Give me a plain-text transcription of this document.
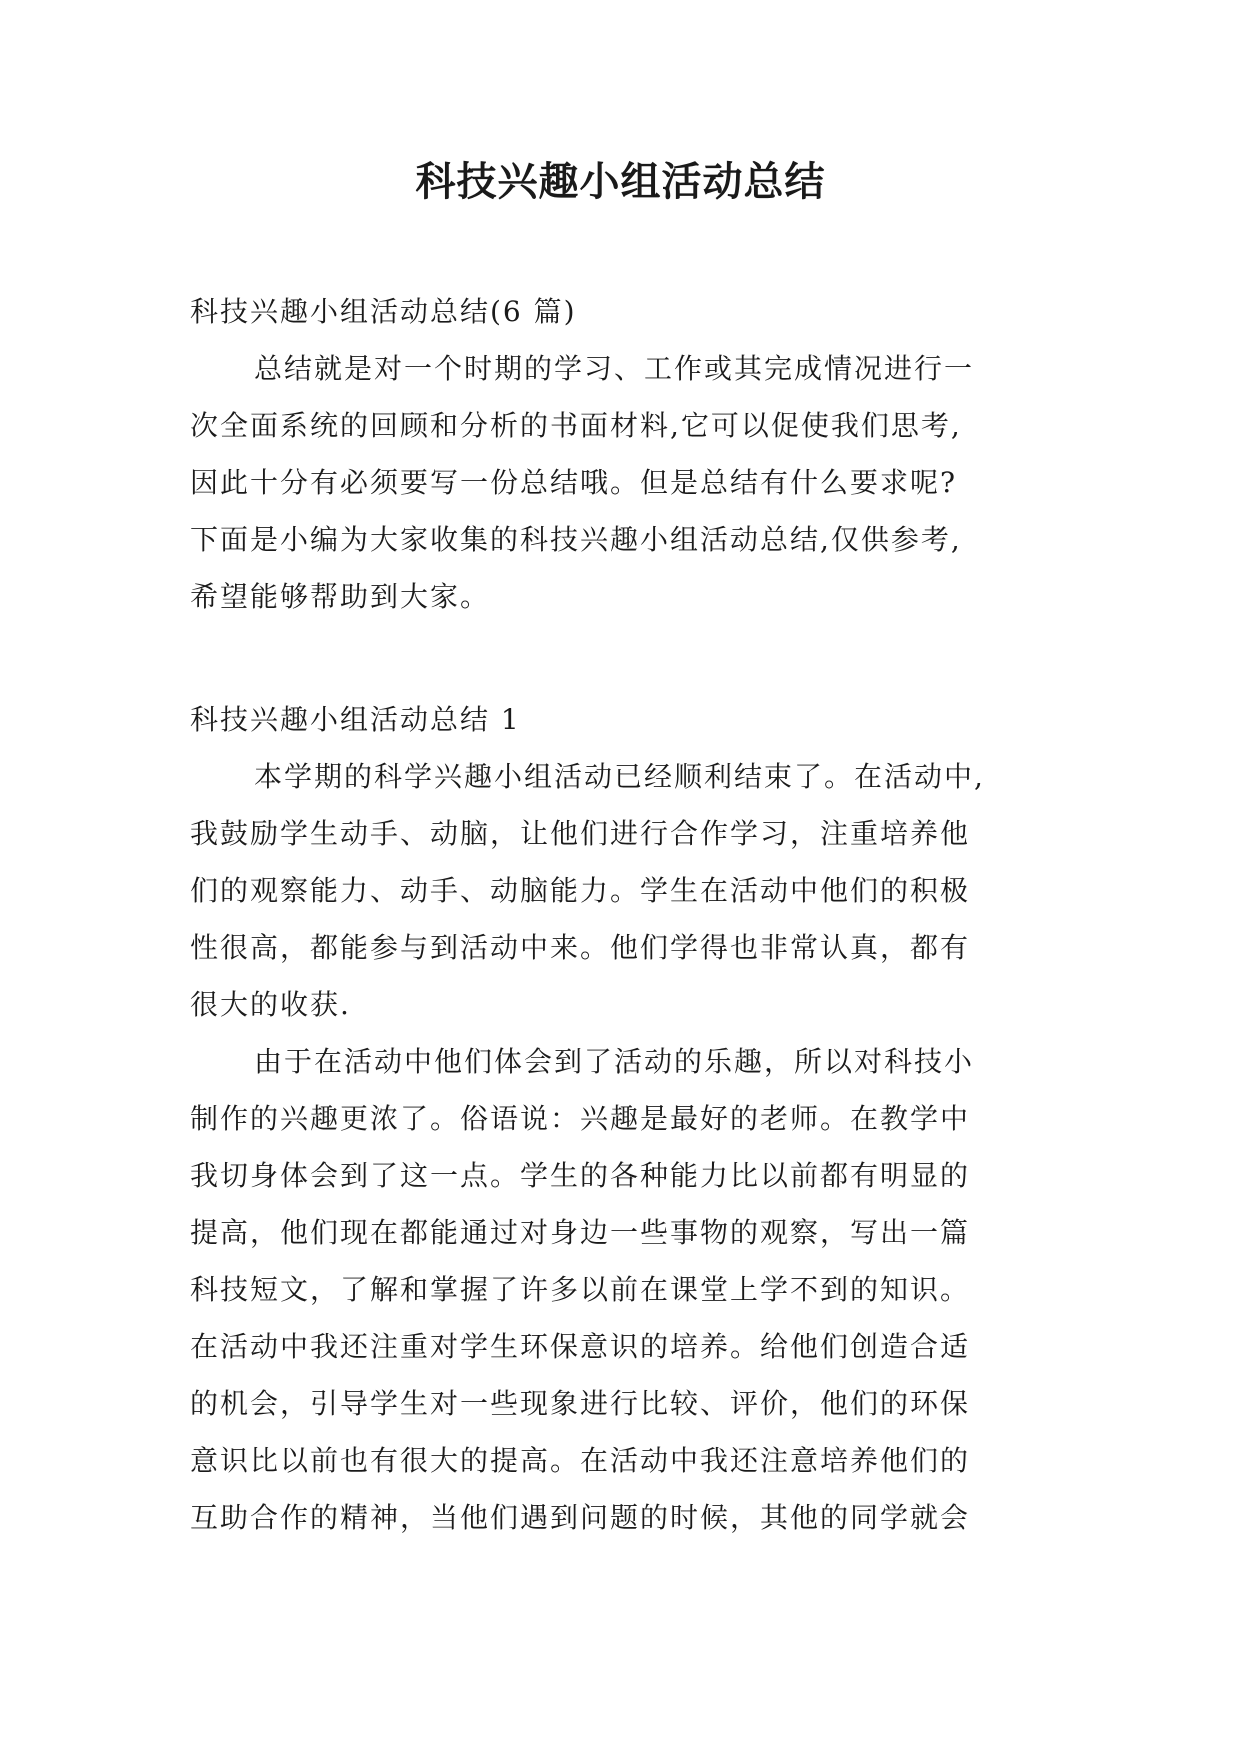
科技兴趣小组活动总结
科技兴趣小组活动总结(6 篇)
总结就是对一个时期的学习、工作或其完成情况进行一
次全面系统的回顾和分析的书面材料,它可以促使我们思考,
因此十分有必须要写一份总结哦。但是总结有什么要求呢?
下面是小编为大家收集的科技兴趣小组活动总结,仅供参考,
希望能够帮助到大家。
科技兴趣小组活动总结 1
本学期的科学兴趣小组活动已经顺利结束了。在活动中,
我鼓励学生动手、动脑，让他们进行合作学习，注重培养他
们的观察能力、动手、动脑能力。学生在活动中他们的积极
性很高，都能参与到活动中来。他们学得也非常认真，都有
很大的收获.
由于在活动中他们体会到了活动的乐趣，所以对科技小
制作的兴趣更浓了。俗语说：兴趣是最好的老师。在教学中
我切身体会到了这一点。学生的各种能力比以前都有明显的
提高，他们现在都能通过对身边一些事物的观察，写出一篇
科技短文，了解和掌握了许多以前在课堂上学不到的知识。
在活动中我还注重对学生环保意识的培养。给他们创造合适
的机会，引导学生对一些现象进行比较、评价，他们的环保
意识比以前也有很大的提高。在活动中我还注意培养他们的
互助合作的精神，当他们遇到问题的时候，其他的同学就会
